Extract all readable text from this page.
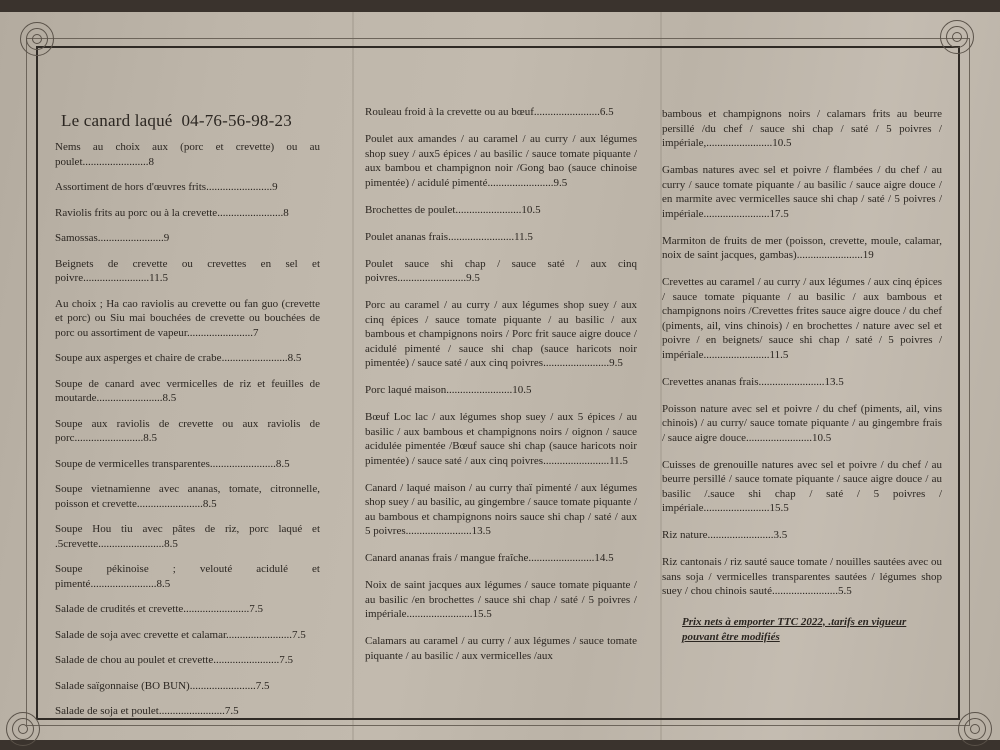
Le canard laqué 04-76-56-98-23
Nems au choix aux (porc et crevette) ou au poulet........................8
Assortiment de hors d'œuvres frits........................9
Raviolis frits au porc ou à la crevette........................8
Samossas........................9
Beignets de crevette ou crevettes en sel et poivre........................11.5
Au choix ; Ha cao raviolis au crevette ou fan guo (crevette et porc) ou Siu mai bouchées de crevette ou bouchées de porc ou assortiment de vapeur........................7
Soupe aux asperges et chaire de crabe........................8.5
Soupe de canard avec vermicelles de riz et feuilles de moutarde........................8.5
Soupe aux raviolis de crevette ou aux raviolis de porc.........................8.5
Soupe de vermicelles transparentes........................8.5
Soupe vietnamienne avec ananas, tomate, citronnelle, poisson et crevette........................8.5
Soupe Hou tiu avec pâtes de riz, porc laqué et .5crevette........................8.5
Soupe pékinoise ; velouté acidulé et pimenté........................8.5
Salade de crudités et crevette........................7.5
Salade de soja avec crevette et calamar........................7.5
Salade de chou au poulet et crevette........................7.5
Salade saïgonnaise (BO BUN)........................7.5
Salade de soja et poulet........................7.5
Rouleau froid à la crevette ou au bœuf........................6.5
Poulet aux amandes / au caramel / au curry / aux légumes shop suey / aux5 épices / au basilic / sauce tomate piquante / aux bambou et champignon noir /Gong bao (sauce chinoise pimentée) / acidulé pimenté........................9.5
Brochettes de poulet........................10.5
Poulet ananas frais........................11.5
Poulet sauce shi chap / sauce saté / aux cinq poivres.........................9.5
Porc au caramel / au curry / aux légumes shop suey / aux cinq épices / sauce tomate piquante / au basilic / aux bambous et champignons noirs / Porc frit sauce aigre douce / acidulé pimenté / sauce shi chap (sauce haricots noir pimentée) / sauce saté / aux cinq poivres........................9.5
Porc laqué maison........................10.5
Bœuf Loc lac / aux légumes shop suey / aux 5 épices / au basilic / aux bambous et champignons noirs / oignon / sauce acidulée pimentée /Bœuf sauce shi chap (sauce haricots noir pimentée) / sauce saté / aux cinq poivres........................11.5
Canard / laqué maison / au curry thaï pimenté / aux légumes shop suey / au basilic, au gingembre / sauce tomate piquante / au bambous et champignons noirs sauce shi chap / saté / aux 5 poivres........................13.5
Canard ananas frais / mangue fraîche........................14.5
Noix de saint jacques aux légumes / sauce tomate piquante / au basilic /en brochettes / sauce shi chap / saté / 5 poivres / impériale........................15.5
Calamars au caramel / au curry / aux légumes / sauce tomate piquante / au basilic / aux vermicelles /aux
bambous et champignons noirs / calamars frits au beurre persillé /du chef / sauce shi chap / saté / 5 poivres / impériale,........................10.5
Gambas natures avec sel et poivre / flambées / du chef / au curry / sauce tomate piquante / au basilic / sauce aigre douce / en marmite avec vermicelles sauce shi chap / saté / 5 poivres / impériale........................17.5
Marmiton de fruits de mer (poisson, crevette, moule, calamar, noix de saint jacques, gambas)........................19
Crevettes au caramel / au curry / aux légumes / aux cinq épices / sauce tomate piquante / au basilic / aux bambous et champignons noirs /Crevettes frites sauce aigre douce / du chef (piments, ail, vins chinois) / en brochettes / nature avec sel et poivre / en beignets/ sauce shi chap / saté / 5 poivres / impériale........................11.5
Crevettes ananas frais........................13.5
Poisson nature avec sel et poivre / du chef (piments, ail, vins chinois) / au curry/ sauce tomate piquante / au gingembre frais / sauce aigre douce........................10.5
Cuisses de grenouille natures avec sel et poivre / du chef / au beurre persillé / sauce tomate piquante / sauce aigre douce / au basilic /.sauce shi chap / saté / 5 poivres / impériale........................15.5
Riz nature........................3.5
Riz cantonais / riz sauté sauce tomate / nouilles sautées avec ou sans soja / vermicelles transparentes sautées / légumes shop suey / chou chinois sauté........................5.5
Prix nets à emporter TTC 2022, .tarifs en vigueur pouvant être modifiés
